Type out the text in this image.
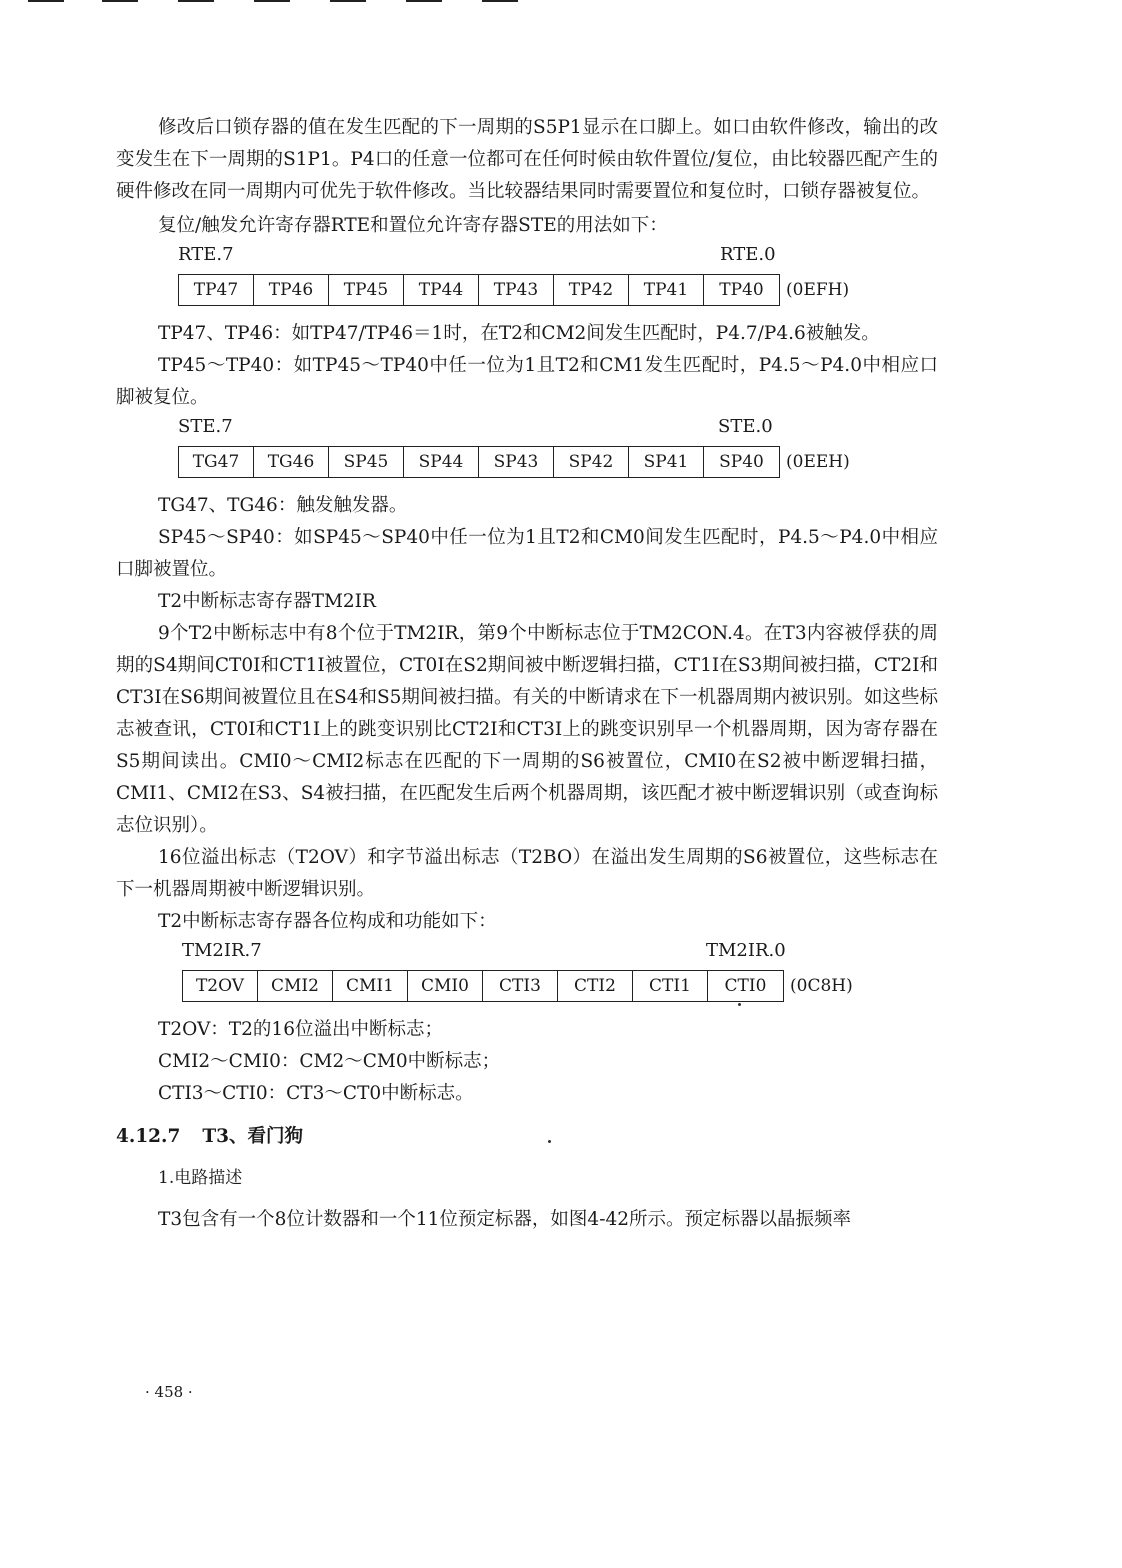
修改后口锁存器的值在发生匹配的下一周期的S5P1显示在口脚上。如口由软件修改，输出的改变发生在下一周期的S1P1。P4口的任意一位都可在任何时候由软件置位/复位，由比较器匹配产生的硬件修改在同一周期内可优先于软件修改。当比较器结果同时需要置位和复位时，口锁存器被复位。

复位/触发允许寄存器RTE和置位允许寄存器STE的用法如下：

RTE.7	RTE.0
TP47	TP46	TP45	TP44	TP43	TP42	TP41	TP40	(0EFH)

TP47、TP46：如TP47/TP46＝1时，在T2和CM2间发生匹配时，P4.7/P4.6被触发。

TP45～TP40：如TP45～TP40中任一位为1且T2和CM1发生匹配时，P4.5～P4.0中相应口脚被复位。

STE.7	STE.0
TG47	TG46	SP45	SP44	SP43	SP42	SP41	SP40	(0EEH)

TG47、TG46：触发触发器。

SP45～SP40：如SP45～SP40中任一位为1且T2和CM0间发生匹配时，P4.5～P4.0中相应口脚被置位。

T2中断标志寄存器TM2IR

9个T2中断标志中有8个位于TM2IR，第9个中断标志位于TM2CON.4。在T3内容被俘获的周期的S4期间CT0I和CT1I被置位，CT0I在S2期间被中断逻辑扫描，CT1I在S3期间被扫描，CT2I和CT3I在S6期间被置位且在S4和S5期间被扫描。有关的中断请求在下一机器周期内被识别。如这些标志被查讯，CT0I和CT1I上的跳变识别比CT2I和CT3I上的跳变识别早一个机器周期，因为寄存器在S5期间读出。CMI0～CMI2标志在匹配的下一周期的S6被置位，CMI0在S2被中断逻辑扫描，CMI1、CMI2在S3、S4被扫描，在匹配发生后两个机器周期，该匹配才被中断逻辑识别（或查询标志位识别）。

16位溢出标志（T2OV）和字节溢出标志（T2BO）在溢出发生周期的S6被置位，这些标志在下一机器周期被中断逻辑识别。

T2中断标志寄存器各位构成和功能如下：

TM2IR.7	TM2IR.0
T2OV	CMI2	CMI1	CMI0	CTI3	CTI2	CTI1	CTI0	(0C8H)

T2OV：T2的16位溢出中断标志；

CMI2～CMI0：CM2～CM0中断标志；

CTI3～CTI0：CT3～CT0中断标志。

4.12.7 T3、看门狗

1.电路描述

T3包含有一个8位计数器和一个11位预定标器，如图4-42所示。预定标器以晶振频率

· 458 ·
